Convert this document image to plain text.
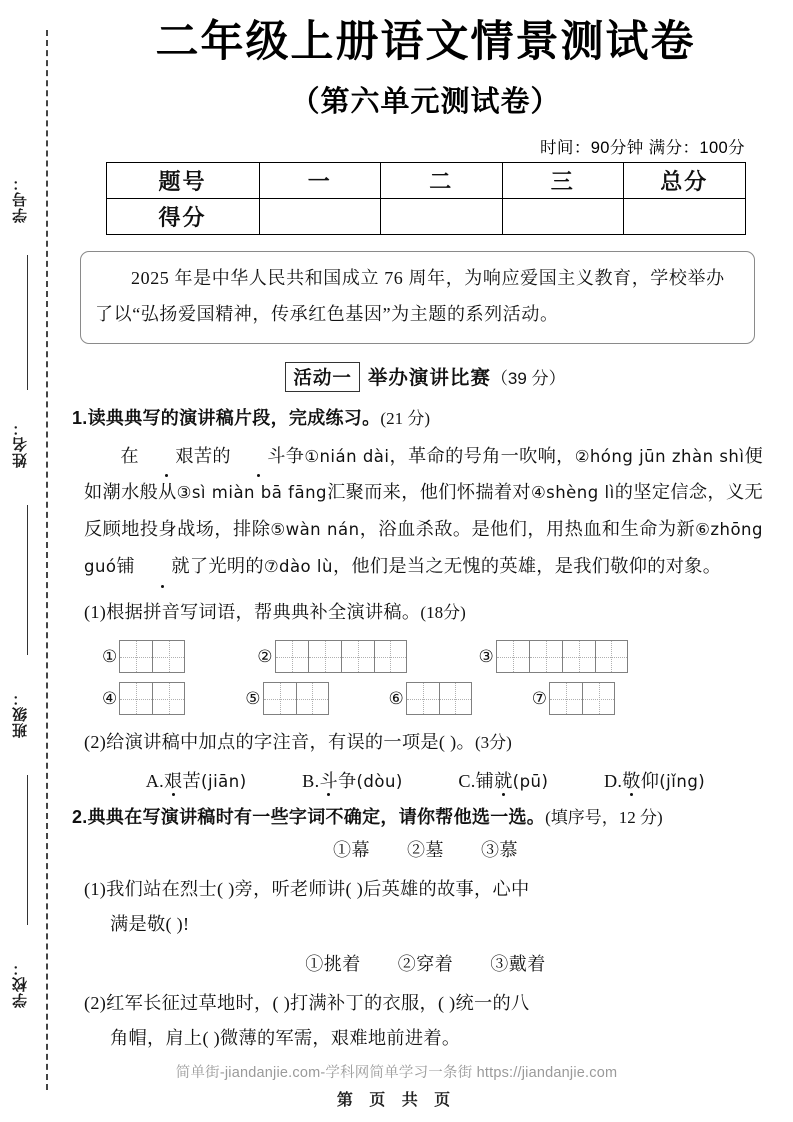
学号：
姓名：
班级：
学校：
二年级上册语文情景测试卷
（第六单元测试卷）
时间：90分钟 满分：100分
题号	一	二	三	总分
得分				
2025 年是中华人民共和国成立 76 周年，为响应爱国主义教育，学校举办了以“弘扬爱国精神，传承红色基因”为主题的系列活动。
活动一 举办演讲比赛（39 分）
1.读典典写的演讲稿片段，完成练习。(21 分)
在 艰苦的 斗争①nián dài，革命的号角一吹响，②hóng jūn zhàn shì便如潮水般从③sì miàn bā fāng汇聚而来，他们怀揣着对④shèng lì的坚定信念，义无反顾地投身战场，排除⑤wàn nán，浴血杀敌。是他们，用热血和生命为新⑥zhōng guó铺 就了光明的⑦dào lù，他们是当之无愧的英雄，是我们敬仰的对象。
(1)根据拼音写词语，帮典典补全演讲稿。(18分)
①	②	③
④	⑤	⑥	⑦
(2)给演讲稿中加点的字注音，有误的一项是( )。(3分)
A.艰苦(jiān)	B.斗争(dòu)	C.铺就(pū)	D.敬仰(jǐng)
2.典典在写演讲稿时有一些字词不确定，请你帮他选一选。(填序号，12 分)
①幕 ②墓 ③慕
(1)我们站在烈士( )旁，听老师讲( )后英雄的故事，心中
满是敬( )!
①挑着 ②穿着 ③戴着
(2)红军长征过草地时，( )打满补丁的衣服，( )统一的八
角帽，肩上( )微薄的军需，艰难地前进着。
简单街-jiandanjie.com-学科网简单学习一条街 https://jiandanjie.com
第 页 共 页
